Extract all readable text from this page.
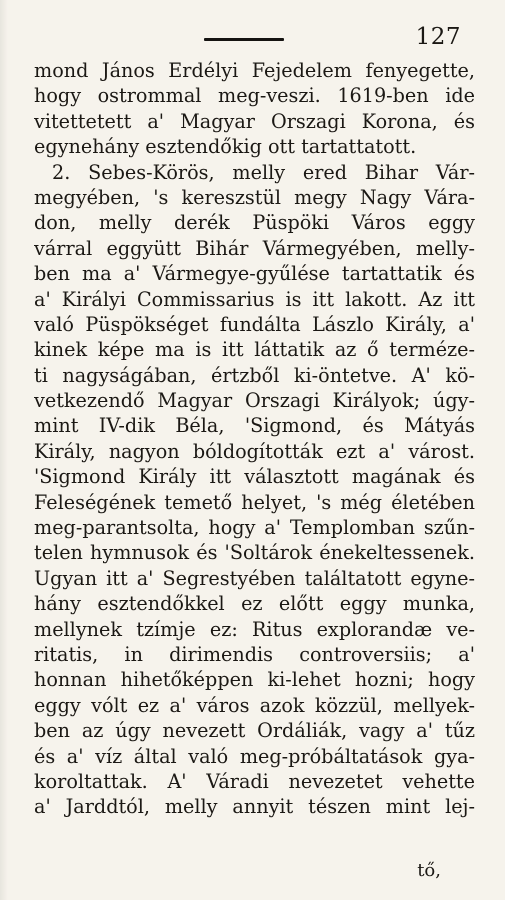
127
mond János Erdélyi Fejedelem fenyegette,
hogy ostrommal meg-veszi. 1619-ben ide
vitettetett a' Magyar Orszagi Korona, és
egynehány esztendőkig ott tartattatott.
2. Sebes-Körös, melly ered Bihar Vár-
megyében, 's kereszstül megy Nagy Vára-
don, melly derék Püspöki Város eggy
várral eggyütt Bihár Vármegyében, melly-
ben ma a' Vármegye-gyűlése tartattatik és
a' Királyi Commissarius is itt lakott. Az itt
való Püspökséget fundálta Lászlo Király, a'
kinek képe ma is itt láttatik az ő terméze-
ti nagyságában, értzből ki-öntetve. A' kö-
vetkezendő Magyar Orszagi Királyok; úgy-
mint IV-dik Béla, 'Sigmond, és Mátyás
Király, nagyon bóldogították ezt a' várost.
'Sigmond Király itt választott magának és
Feleségének temető helyet, 's még életében
meg-parantsolta, hogy a' Templomban szűn-
telen hymnusok és 'Soltárok énekeltessenek.
Ugyan itt a' Segrestyében találtatott egyne-
hány esztendőkkel ez előtt eggy munka,
mellynek tzímje ez: Ritus explorandæ ve-
ritatis, in dirimendis controversiis; a'
honnan hihetőképpen ki-lehet hozni; hogy
eggy vólt ez a' város azok közzül, mellyek-
ben az úgy nevezett Ordáliák, vagy a' tűz
és a' víz által való meg-próbáltatások gya-
koroltattak. A' Váradi nevezetet vehette
a' Jarddtól, melly annyit tészen mint lej-
tő,
